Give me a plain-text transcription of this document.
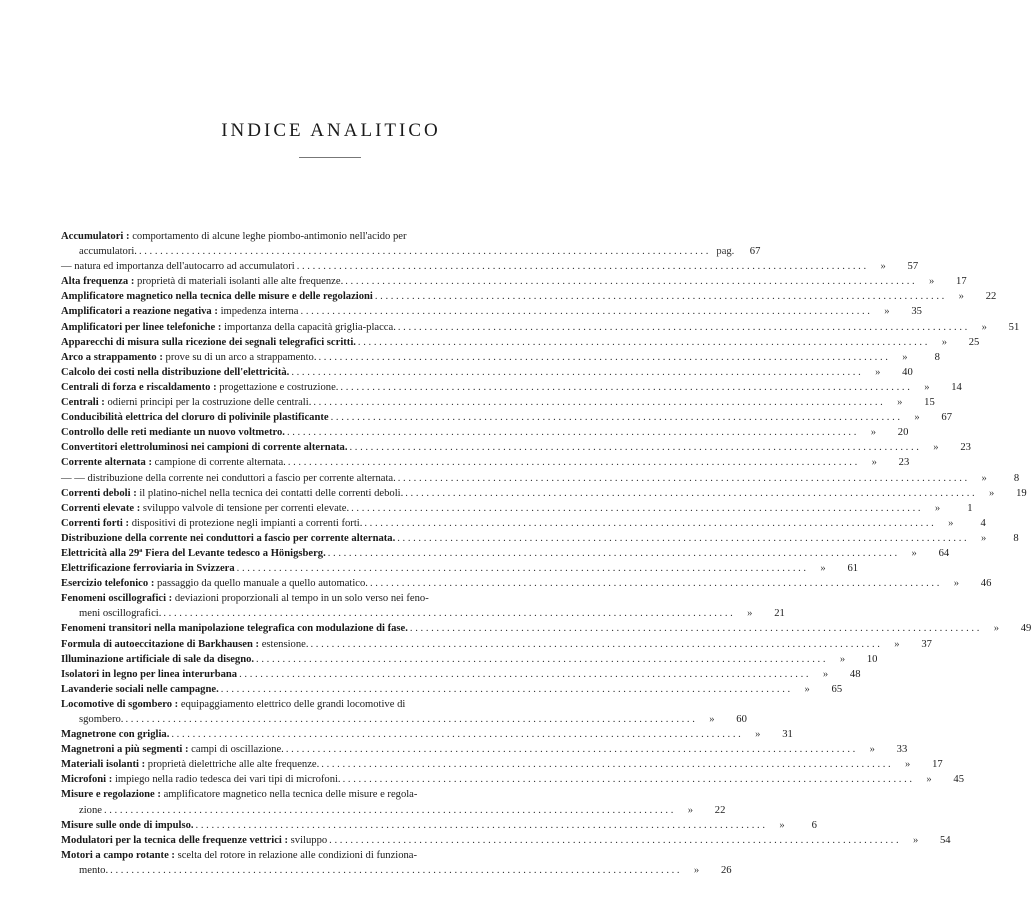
INDICE ANALITICO
Accumulatori : comportamento di alcune leghe piombo-antimonio nell'acido per
accumulatori. . . .	pag.	67
— natura ed importanza dell'autocarro ad accumulatori . . .	»	57
Alta frequenza : proprietà di materiali isolanti alle alte frequenze. . . .	»	17
Amplificatore magnetico nella tecnica delle misure e delle regolazioni . . .	»	22
Amplificatori a reazione negativa : impedenza interna . . .	»	35
Amplificatori per linee telefoniche : importanza della capacità griglia-placca. . . .	»	51
Apparecchi di misura sulla ricezione dei segnali telegrafici scritti. . . .	»	25
Arco a strappamento : prove su di un arco a strappamento. . . .	»	8
Calcolo dei costi nella distribuzione dell'elettricità. . . .	»	40
Centrali di forza e riscaldamento : progettazione e costruzione. . . .	»	14
Centrali : odierni principi per la costruzione delle centrali. . . .	»	15
Conducibilità elettrica del cloruro di polivinile plastificante . . .	»	67
Controllo delle reti mediante un nuovo voltmetro. . . .	»	20
Convertitori elettroluminosi nei campioni di corrente alternata. . . .	»	23
Corrente alternata : campione di corrente alternata. . . .	»	23
— — distribuzione della corrente nei conduttori a fascio per corrente alternata. . . .	»	8
Correnti deboli : il platino-nichel nella tecnica dei contatti delle correnti deboli. . . .	»	19
Correnti elevate : sviluppo valvole di tensione per correnti elevate. . . .	»	1
Correnti forti : dispositivi di protezione negli impianti a correnti forti. . . .	»	4
Distribuzione della corrente nei conduttori a fascio per corrente alternata. . . .	»	8
Elettricità alla 29ª Fiera del Levante tedesco a Hönigsberg. . . .	»	64
Elettrificazione ferroviaria in Svizzera . . .	»	61
Esercizio telefonico : passaggio da quello manuale a quello automatico. . . .	»	46
Fenomeni oscillografici : deviazioni proporzionali al tempo in un solo verso nei feno-
meni oscillografici. . . .	»	21
Fenomeni transitori nella manipolazione telegrafica con modulazione di fase. . . .	»	49
Formula di autoeccitazione di Barkhausen : estensione. . . .	»	37
Illuminazione artificiale di sale da disegno. . . .	»	10
Isolatori in legno per linea interurbana . . .	»	48
Lavanderie sociali nelle campagne. . . .	»	65
Locomotive di sgombero : equipaggiamento elettrico delle grandi locomotive di
sgombero. . . .	»	60
Magnetrone con griglia. . . .	»	31
Magnetroni a più segmenti : campi di oscillazione. . . .	»	33
Materiali isolanti : proprietà dielettriche alle alte frequenze. . . .	»	17
Microfoni : impiego nella radio tedesca dei vari tipi di microfoni. . . .	»	45
Misure e regolazione : amplificatore magnetico nella tecnica delle misure e regola-
zione . . .	»	22
Misure sulle onde di impulso. . . .	»	6
Modulatori per la tecnica delle frequenze vettrici : sviluppo . . .	»	54
Motori a campo rotante : scelta del rotore in relazione alle condizioni di funziona-
mento. . . .	»	26
